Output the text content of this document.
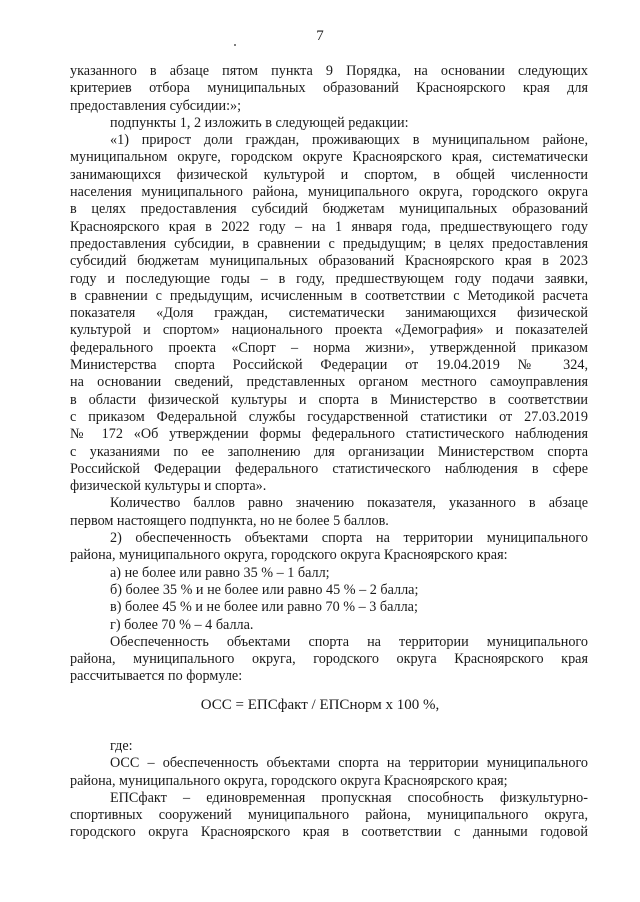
7
указанного в абзаце пятом пункта 9 Порядка, на основании следующих
критериев отбора муниципальных образований Красноярского края для
предоставления субсидии:»;
подпункты 1, 2 изложить в следующей редакции:
«1) прирост доли граждан, проживающих в муниципальном районе,
муниципальном округе, городском округе Красноярского края, систематически
занимающихся физической культурой и спортом, в общей численности
населения муниципального района, муниципального округа, городского округа
в целях предоставления субсидий бюджетам муниципальных образований
Красноярского края в 2022 году – на 1 января года, предшествующего году
предоставления субсидии, в сравнении с предыдущим; в целях предоставления
субсидий бюджетам муниципальных образований Красноярского края в 2023
году и последующие годы – в году, предшествующем году подачи заявки,
в сравнении с предыдущим, исчисленным в соответствии с Методикой расчета
показателя «Доля граждан, систематически занимающихся физической
культурой и спортом» национального проекта «Демография» и показателей
федерального проекта «Спорт – норма жизни», утвержденной приказом
Министерства спорта Российской Федерации от 19.04.2019 № 324,
на основании сведений, представленных органом местного самоуправления
в области физической культуры и спорта в Министерство в соответствии
с приказом Федеральной службы государственной статистики от 27.03.2019
№ 172 «Об утверждении формы федерального статистического наблюдения
с указаниями по ее заполнению для организации Министерством спорта
Российской Федерации федерального статистического наблюдения в сфере
физической культуры и спорта».
Количество баллов равно значению показателя, указанного в абзаце
первом настоящего подпункта, но не более 5 баллов.
2) обеспеченность объектами спорта на территории муниципального
района, муниципального округа, городского округа Красноярского края:
а) не более или равно 35 % – 1 балл;
б) более 35 % и не более или равно 45 % – 2 балла;
в) более 45 % и не более или равно 70 % – 3 балла;
г) более 70 % – 4 балла.
Обеспеченность объектами спорта на территории муниципального
района, муниципального округа, городского округа Красноярского края
рассчитывается по формуле:
ОСС = ЕПСфакт / ЕПСнорм х 100 %,
где:
ОСС – обеспеченность объектами спорта на территории муниципального
района, муниципального округа, городского округа Красноярского края;
ЕПСфакт – единовременная пропускная способность физкультурно-
спортивных сооружений муниципального района, муниципального округа,
городского округа Красноярского края в соответствии с данными годовой
